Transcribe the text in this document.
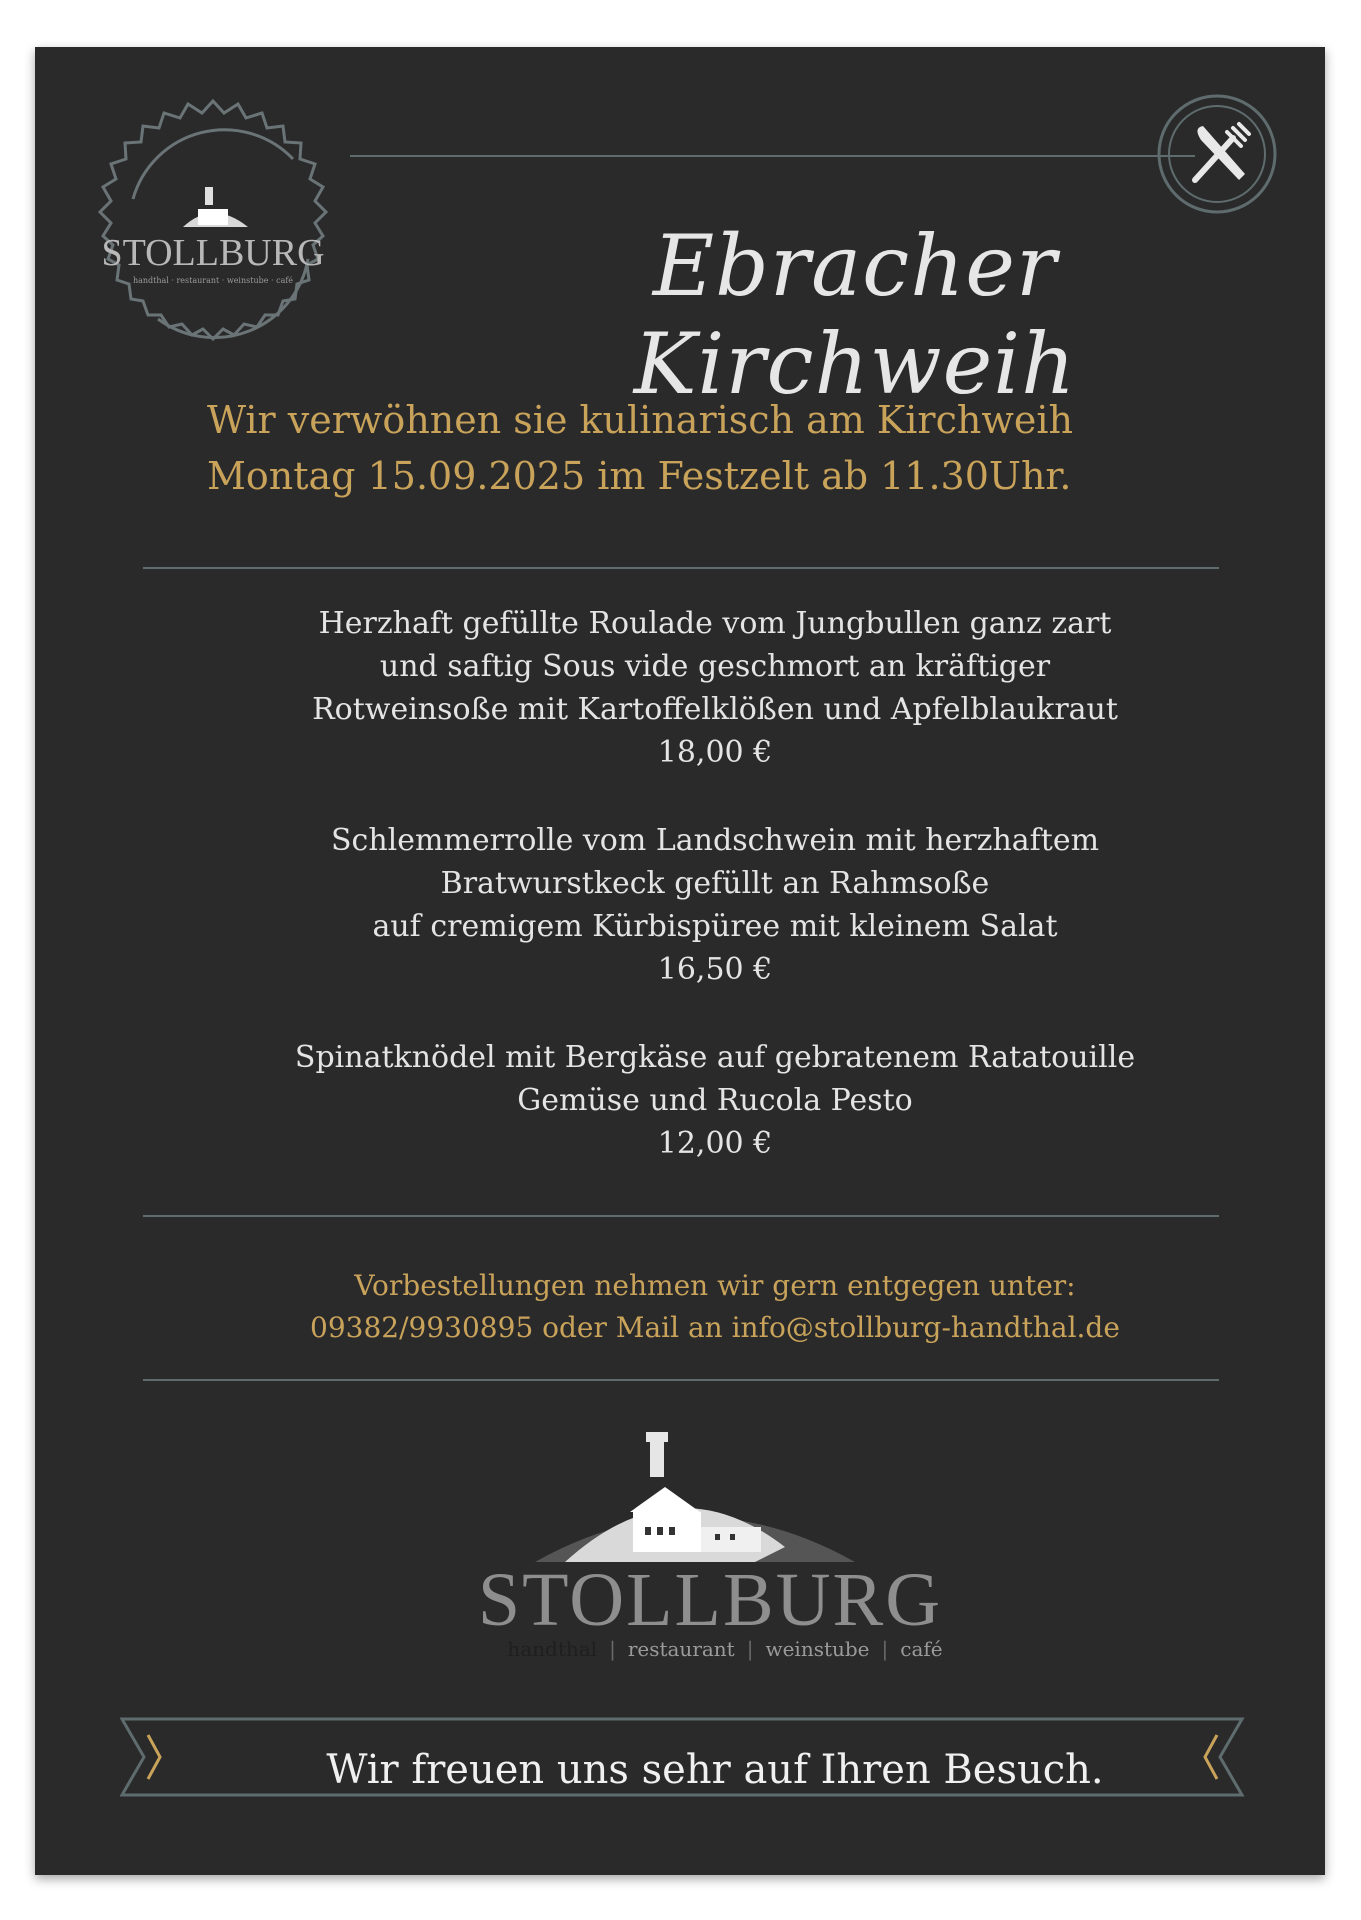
STOLLBURG
handthal · restaurant · weinstube · café	Ebracher Kirchweih
Wir verwöhnen sie kulinarisch am Kirchweih
Montag 15.09.2025 im Festzelt ab 11.30Uhr.
Herzhaft gefüllte Roulade vom Jungbullen ganz zart
und saftig Sous vide geschmort an kräftiger
Rotweinsoße mit Kartoffelklößen und Apfelblaukraut
18,00 €
Schlemmerrolle vom Landschwein mit herzhaftem
Bratwurstkeck gefüllt an Rahmsoße
auf cremigem Kürbispüree mit kleinem Salat
16,50 €
Spinatknödel mit Bergkäse auf gebratenem Ratatouille
Gemüse und Rucola Pesto
12,00 €
Vorbestellungen nehmen wir gern entgegen unter:
09382/9930895 oder Mail an info@stollburg-handthal.de
STOLLBURG
handthal | restaurant | weinstube | café
Wir freuen uns sehr auf Ihren Besuch.
